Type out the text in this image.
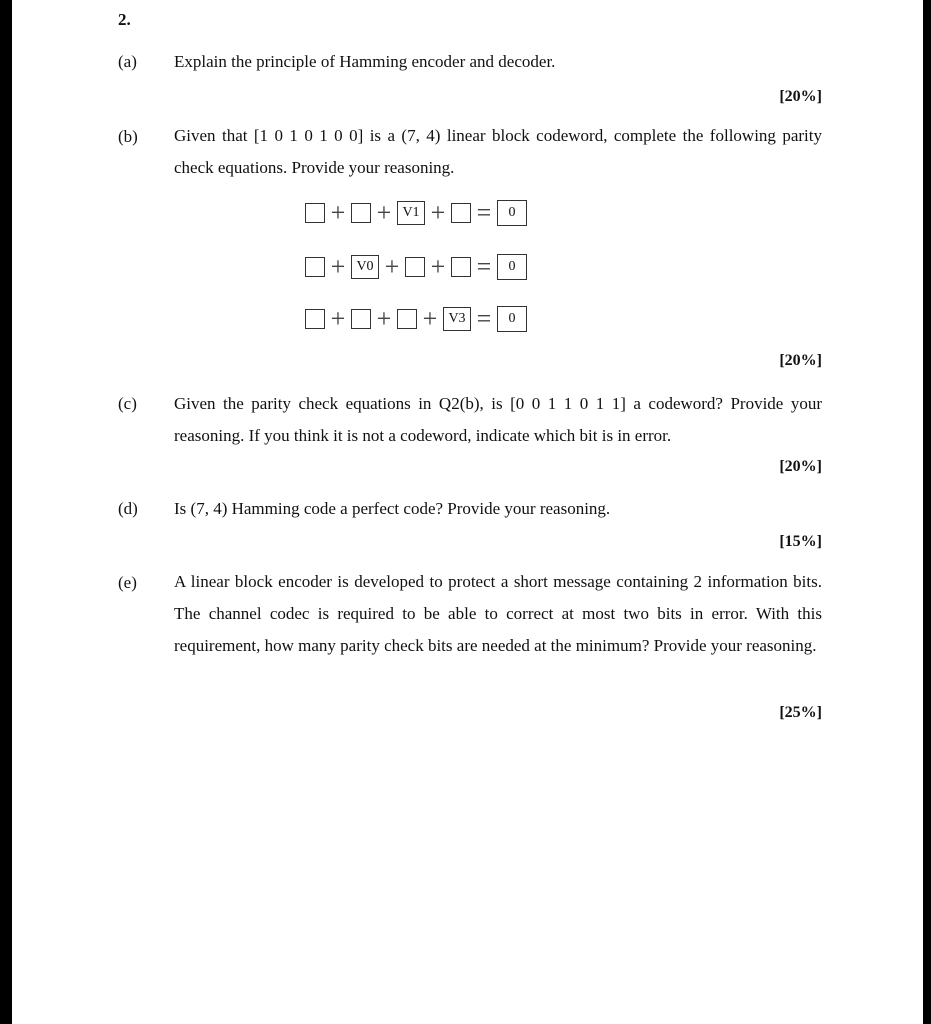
2.
(a) Explain the principle of Hamming encoder and decoder.
[20%]
(b) Given that [1 0 1 0 1 0 0] is a (7, 4) linear block codeword, complete the following parity check equations. Provide your reasoning.
+ + V1 + =	0
+ V0 + + =	0
+ + + V3 =	0
[20%]
(c) Given the parity check equations in Q2(b), is [0 0 1 1 0 1 1] a codeword? Provide your reasoning. If you think it is not a codeword, indicate which bit is in error.
[20%]
(d) Is (7, 4) Hamming code a perfect code? Provide your reasoning.
[15%]
(e) A linear block encoder is developed to protect a short message containing 2 information bits. The channel codec is required to be able to correct at most two bits in error. With this requirement, how many parity check bits are needed at the minimum? Provide your reasoning.
[25%]
